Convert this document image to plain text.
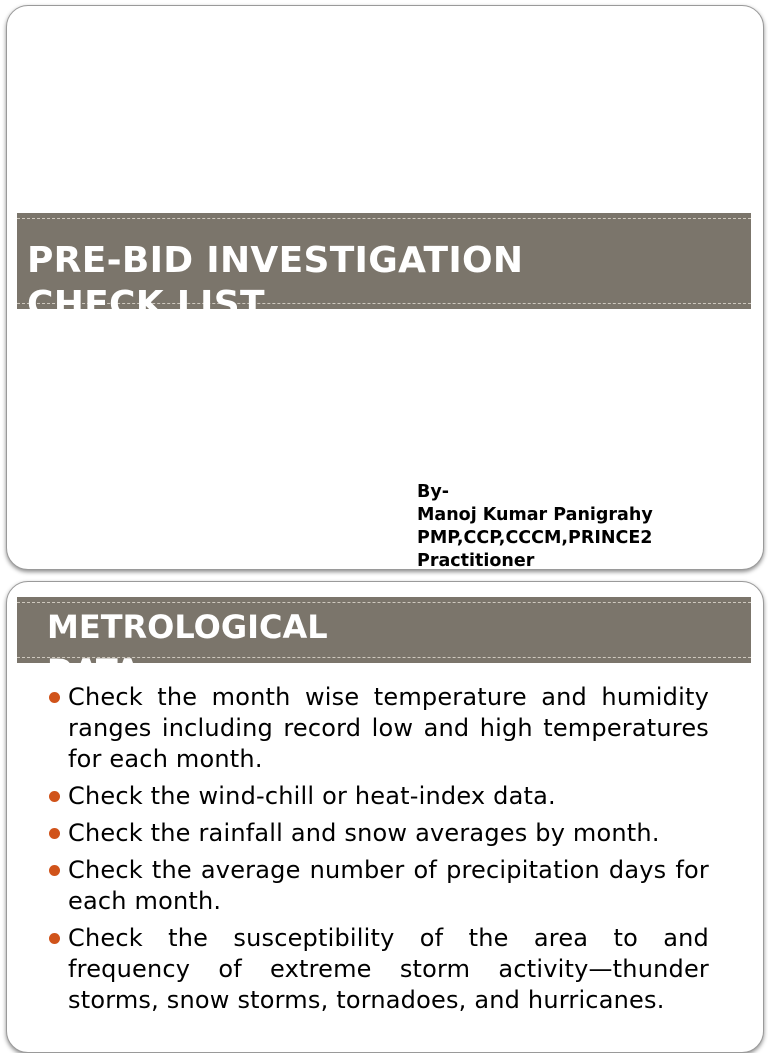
PRE-BID INVESTIGATION CHECK LIST
By-
Manoj Kumar Panigrahy
PMP,CCP,CCCM,PRINCE2
Practitioner
METROLOGICAL DATA
Check the month wise temperature and humidity ranges including record low and high temperatures for each month.
Check the wind-chill or heat-index data.
Check the rainfall and snow averages by month.
Check the average number of precipitation days for each month.
Check the susceptibility of the area to and frequency of extreme storm activity—thunder storms, snow storms, tornadoes, and hurricanes.
